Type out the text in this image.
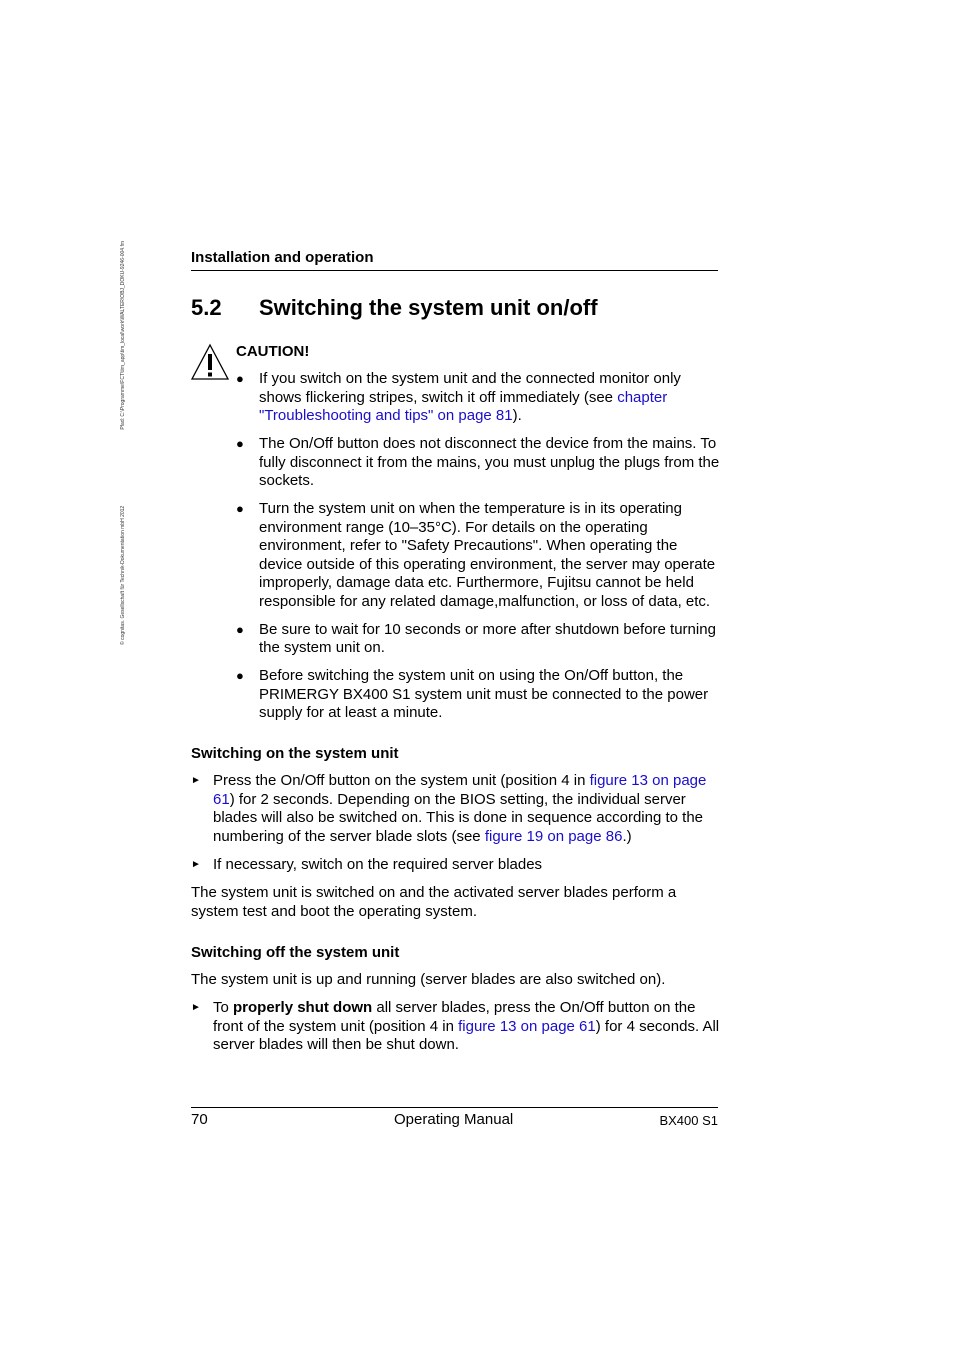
© cognitas. Gesellschaft für Technik-Dokumentation mbH 2012
Pfad: C:\Programme\FCT\tim_app\tim_local\work\WALTER\OBJ_DOKU-9246-004.fm	Installation and operation
5.2 Switching the system unit on/off
CAUTION!
● If you switch on the system unit and the connected monitor only shows flickering stripes, switch it off immediately (see chapter "Troubleshooting and tips" on page 81).
● The On/Off button does not disconnect the device from the mains. To fully disconnect it from the mains, you must unplug the plugs from the sockets.
● Turn the system unit on when the temperature is in its operating environment range (10–35°C). For details on the operating environment, refer to "Safety Precautions". When operating the device outside of this operating environment, the server may operate improperly, damage data etc. Furthermore, Fujitsu cannot be held responsible for any related damage,malfunction, or loss of data, etc.
● Be sure to wait for 10 seconds or more after shutdown before turning the system unit on.
● Before switching the system unit on using the On/Off button, the PRIMERGY BX400 S1 system unit must be connected to the power supply for at least a minute.
Switching on the system unit
► Press the On/Off button on the system unit (position 4 in figure 13 on page 61) for 2 seconds. Depending on the BIOS setting, the individual server blades will also be switched on. This is done in sequence according to the numbering of the server blade slots (see figure 19 on page 86.)
► If necessary, switch on the required server blades

The system unit is switched on and the activated server blades perform a system test and boot the operating system.

Switching off the system unit

The system unit is up and running (server blades are also switched on).

► To properly shut down all server blades, press the On/Off button on the front of the system unit (position 4 in figure 13 on page 61) for 4 seconds. All server blades will then be shut down.
70	Operating Manual	BX400 S1
